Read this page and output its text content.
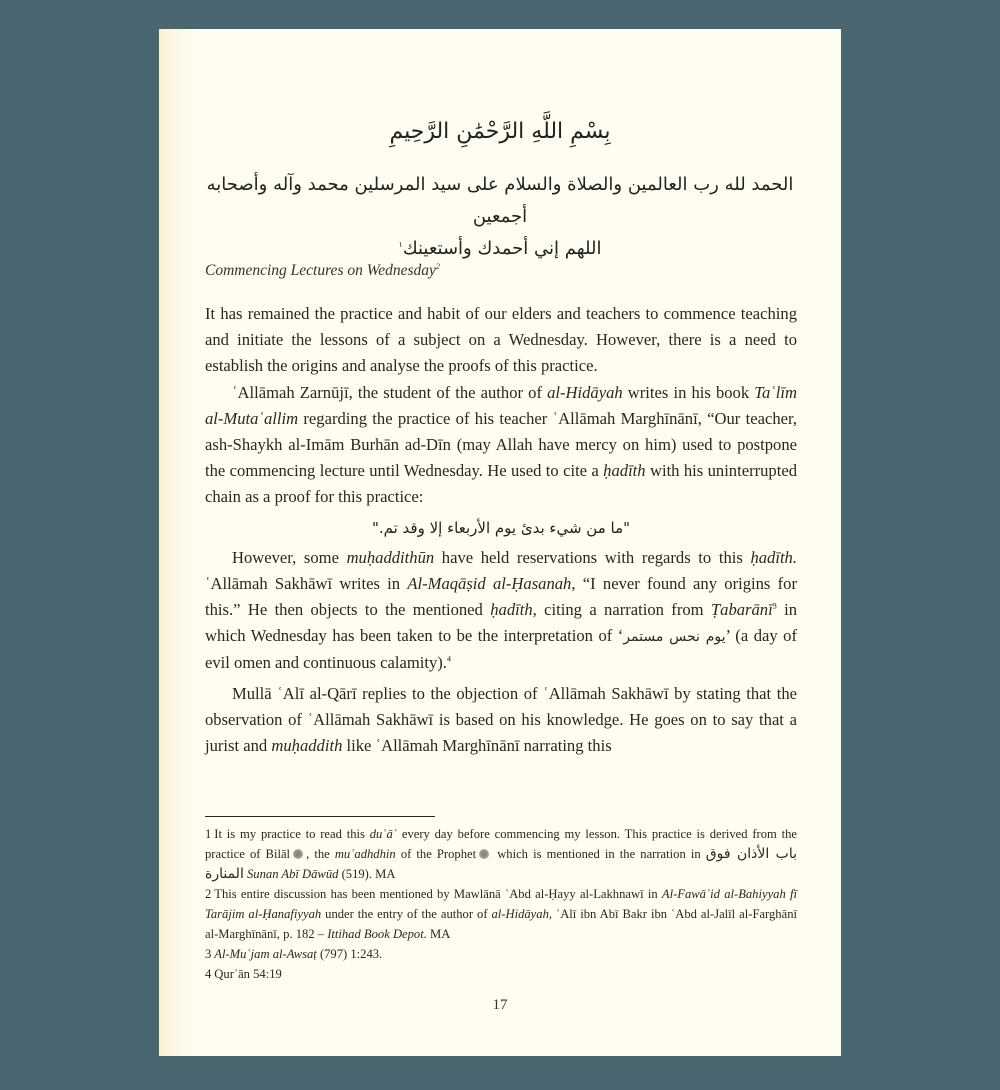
بِسْمِ اللَّهِ الرَّحْمَٰنِ الرَّحِيمِ
الحمد لله رب العالمين والصلاة والسلام على سيد المرسلين محمد وآله وأصحابه أجمعين
اللهم إني أحمدك وأستعينك$^١$
Commencing Lectures on Wednesday$^2$

It has remained the practice and habit of our elders and teachers to commence teaching and initiate the lessons of a subject on a Wednesday. However, there is a need to establish the origins and analyse the proofs of this practice.

ʿAllāmah Zarnūjī, the student of the author of al-Hidāyah writes in his book Taʿlīm al-Mutaʿallim regarding the practice of his teacher ʿAllāmah Marghīnānī, “Our teacher, ash-Shaykh al-Imām Burhān ad-Dīn (may Allah have mercy on him) used to postpone the commencing lecture until Wednesday. He used to cite a ḥadīth with his uninterrupted chain as a proof for this practice:

"ما من شيء بدئ يوم الأربعاء إلا وقد تم."

However, some muḥaddithūn have held reservations with regards to this ḥadīth. ʿAllāmah Sakhāwī writes in Al-Maqāṣid al-Ḥasanah, “I never found any origins for this.” He then objects to the mentioned ḥadīth, citing a narration from Ṭabarānī$^3$ in which Wednesday has been taken to be the interpretation of ‘يوم نحس مستمر’ (a day of evil omen and continuous calamity).$^4$

Mullā ʿAlī al-Qārī replies to the objection of ʿAllāmah Sakhāwī by stating that the observation of ʿAllāmah Sakhāwī is based on his knowledge. He goes on to say that a jurist and muḥaddith like ʿAllāmah Marghīnānī narrating this

1 It is my practice to read this duʿāʾ every day before commencing my lesson. This practice is derived from the practice of Bilāl , the muʾadhdhin of the Prophet which is mentioned in the narration in باب الأذان فوق المنارة Sunan Abī Dāwūd (519). MA

2 This entire discussion has been mentioned by Mawlānā ʿAbd al-Ḥayy al-Lakhnawī in Al-Fawāʾid al-Bahiyyah fī Tarājim al-Ḥanafiyyah under the entry of the author of al-Hidāyah, ʿAlī ibn Abī Bakr ibn ʿAbd al-Jalīl al-Farghānī al-Marghīnānī, p. 182 – Ittihad Book Depot. MA

3 Al-Muʿjam al-Awsaṭ (797) 1:243.

4 Qurʾān 54:19

17
